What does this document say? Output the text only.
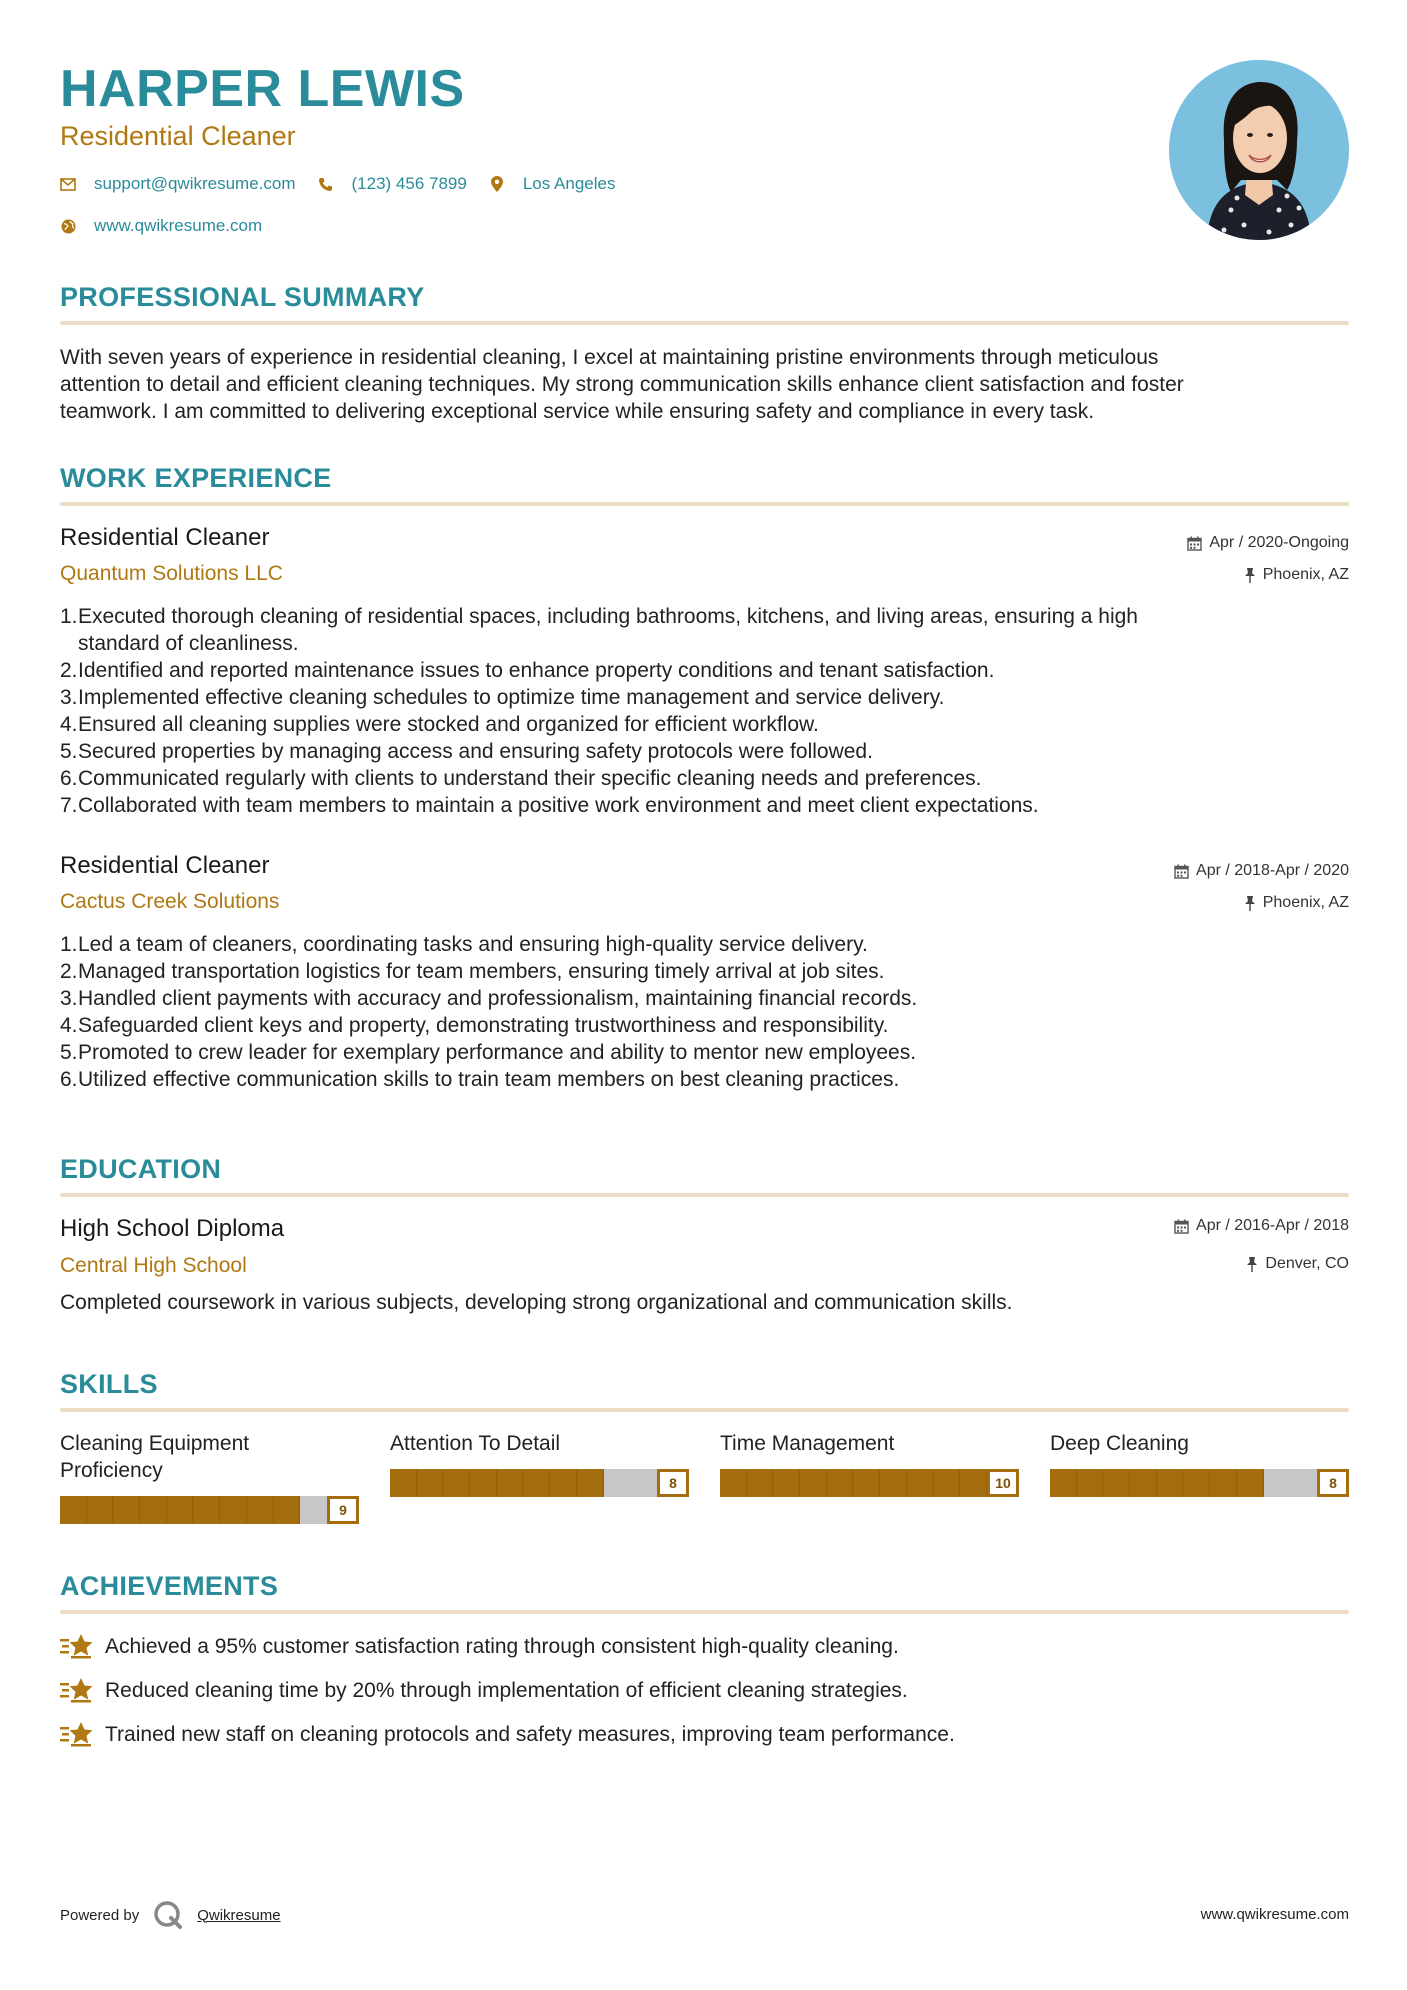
HARPER LEWIS
Residential Cleaner
support@qwikresume.com	(123) 456 7899	Los Angeles
www.qwikresume.com
PROFESSIONAL SUMMARY
With seven years of experience in residential cleaning, I excel at maintaining pristine environments through meticulous
attention to detail and efficient cleaning techniques. My strong communication skills enhance client satisfaction and foster
teamwork. I am committed to delivering exceptional service while ensuring safety and compliance in every task.
WORK EXPERIENCE
Residential Cleaner
Quantum Solutions LLC
Apr / 2020-Ongoing
Phoenix, AZ
1. Executed thorough cleaning of residential spaces, including bathrooms, kitchens, and living areas, ensuring a high
standard of cleanliness.
2. Identified and reported maintenance issues to enhance property conditions and tenant satisfaction.
3. Implemented effective cleaning schedules to optimize time management and service delivery.
4. Ensured all cleaning supplies were stocked and organized for efficient workflow.
5. Secured properties by managing access and ensuring safety protocols were followed.
6. Communicated regularly with clients to understand their specific cleaning needs and preferences.
7. Collaborated with team members to maintain a positive work environment and meet client expectations.
Residential Cleaner
Cactus Creek Solutions
Apr / 2018-Apr / 2020
Phoenix, AZ
1. Led a team of cleaners, coordinating tasks and ensuring high-quality service delivery.
2. Managed transportation logistics for team members, ensuring timely arrival at job sites.
3. Handled client payments with accuracy and professionalism, maintaining financial records.
4. Safeguarded client keys and property, demonstrating trustworthiness and responsibility.
5. Promoted to crew leader for exemplary performance and ability to mentor new employees.
6. Utilized effective communication skills to train team members on best cleaning practices.
EDUCATION
High School Diploma
Central High School
Apr / 2016-Apr / 2018
Denver, CO
Completed coursework in various subjects, developing strong organizational and communication skills.
SKILLS
Cleaning Equipment
Proficiency
9
Attention To Detail
8
Time Management
10
Deep Cleaning
8
ACHIEVEMENTS
Achieved a 95% customer satisfaction rating through consistent high-quality cleaning.
Reduced cleaning time by 20% through implementation of efficient cleaning strategies.
Trained new staff on cleaning protocols and safety measures, improving team performance.
Powered by	Qwikresume	www.qwikresume.com
